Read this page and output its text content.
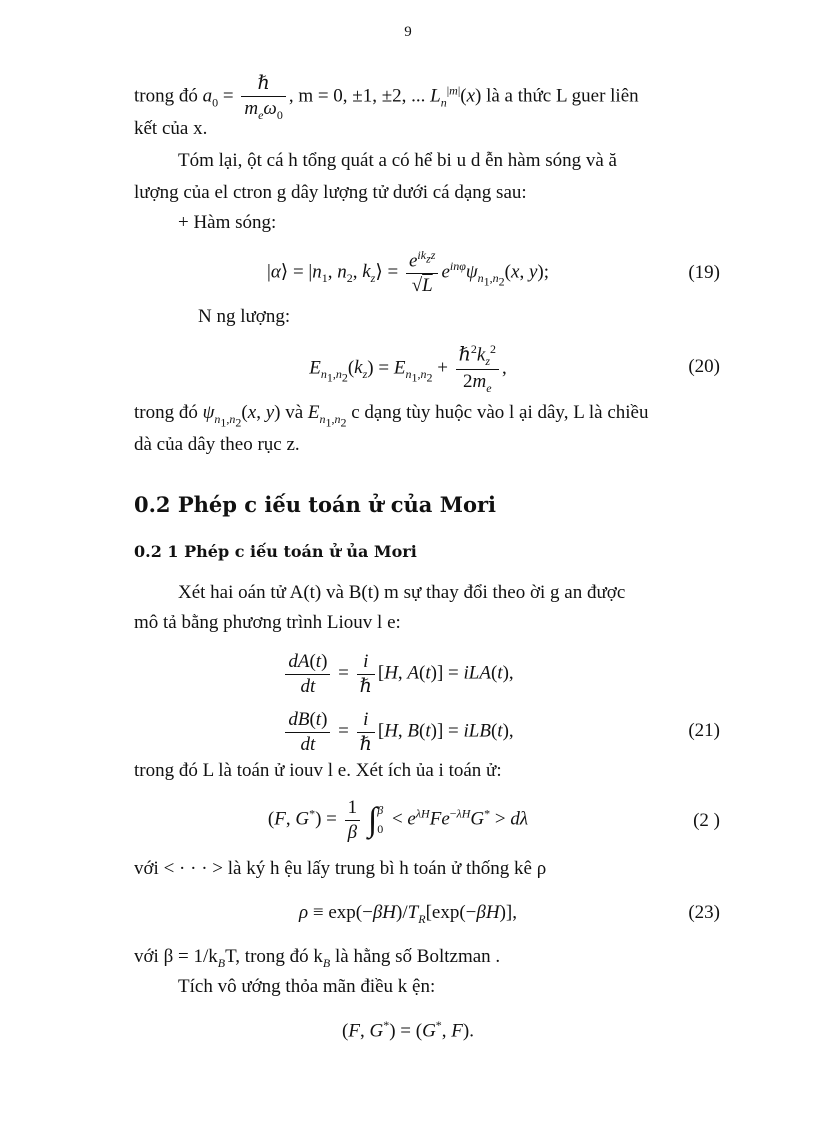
9
trong đó $a_0 = \frac{\text{ℏ}}{m_e\omega_0}$ , m = 0, ±1, ±2, ... $L_n^{|m|}(x)$ là a thức L guer liên
kết của x.
Tóm lại, ột cá h tổng quát a có hể bi u d ễn hàm sóng và ă
lượng của el ctron g dây lượng tử dưới cá dạng sau:
+ Hàm sóng:
|α⟩ = $|n_1$, $n_2$, $k_z⟩ = \frac{e^{ik_zz}}{√L} e^{in\varphi}\psi_{n_1,n_2}(x$, y);	(19)
N ng lượng:
$E_{n_1,n_2}(k_z) = E_{n_1,n_2} + \frac{\hbar^2k_z^2}{2m_e}$ ,	(20)
trong đó $\psi_{n_1,n_2}(x$, y) và $E_{n_1,n_2}$ c dạng tùy huộc vào l ại dây, L là chiều
dà của dây theo rục z.
0.2 Phép c iếu toán ử của Mori
0.2 1 Phép c iếu toán ử ủa Mori
Xét hai oán tử A(t) và B(t) m sự thay đổi theo ời g an được
mô tả bằng phương trình Liouv l e:
$\frac{dA(t)}{dt} = \frac{i}{\text{ℏ}} [H$, A(t)] = iLA(t),
$\frac{dB(t)}{dt} = \frac{i}{\text{ℏ}} [H$, B(t)] = iLB(t),	(21)
trong đó L là toán ử iouv l e. Xét ích ủa i toán ử:
(F, $G^*) = \frac{1}{\beta} \int\beta$
$0 < e^{\lambda H}Fe^{-\lambda H}G^* > d\lambda$	(2 )
với < · · · > là ký h ệu lấy trung bì h toán ử thống kê ρ
$\rho \equiv \exp(-\beta H)/T_R[\exp(-\beta H)]$,	(23)
với $\beta = 1/k_BT$, trong đó $k_B$ là hằng số Boltzman .
Tích vô ướng thỏa mãn điều k ện:
(F, G*) = (G*, F).
